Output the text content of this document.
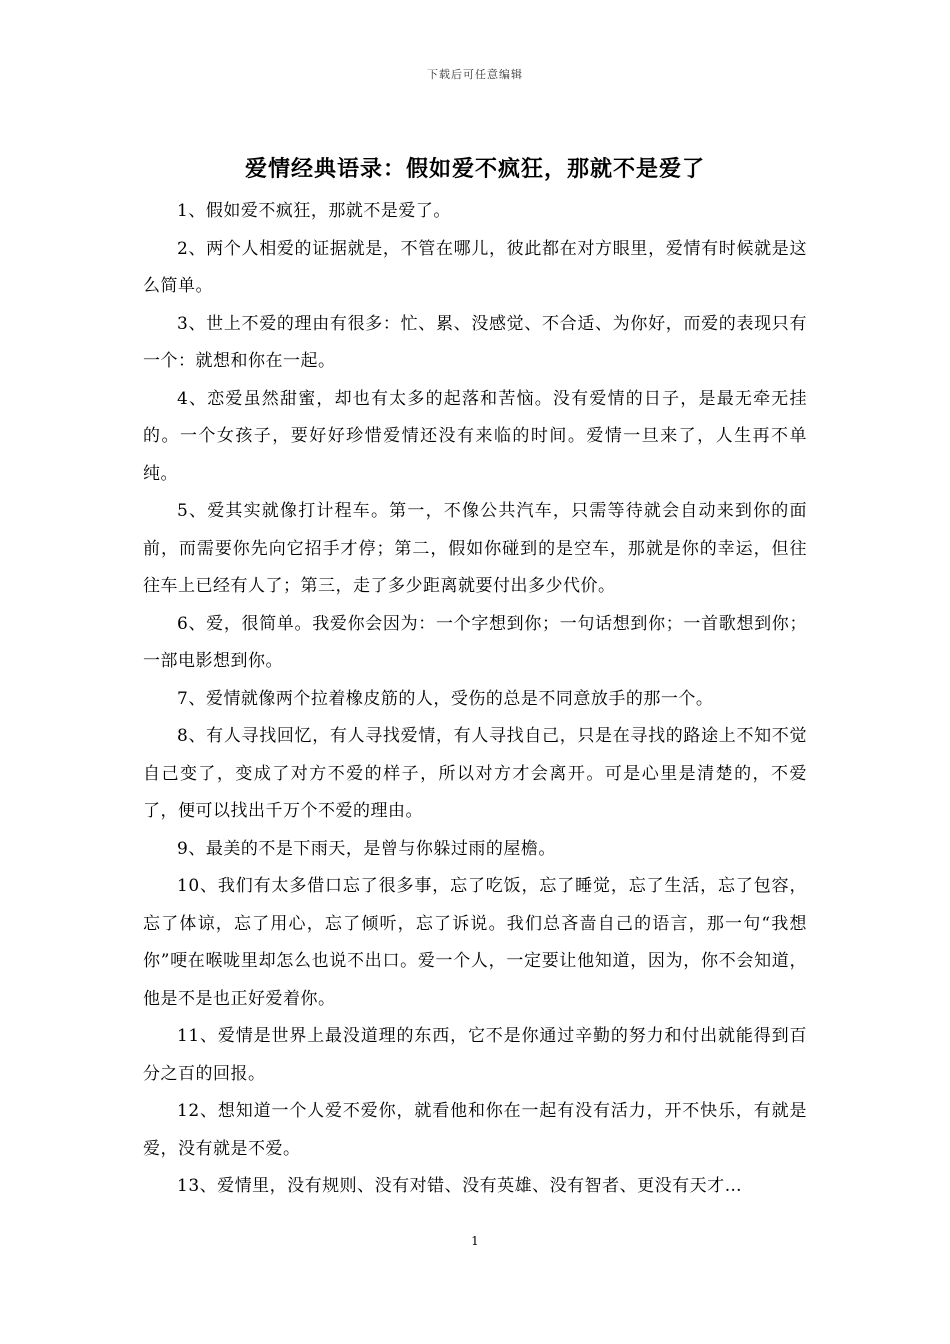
下载后可任意编辑
爱情经典语录：假如爱不疯狂，那就不是爱了

1、假如爱不疯狂，那就不是爱了。

2、两个人相爱的证据就是，不管在哪儿，彼此都在对方眼里，爱情有时候就是这么简单。

3、世上不爱的理由有很多：忙、累、没感觉、不合适、为你好，而爱的表现只有一个：就想和你在一起。

4、恋爱虽然甜蜜，却也有太多的起落和苦恼。没有爱情的日子，是最无牵无挂的。一个女孩子，要好好珍惜爱情还没有来临的时间。爱情一旦来了，人生再不单纯。

5、爱其实就像打计程车。第一，不像公共汽车，只需等待就会自动来到你的面前，而需要你先向它招手才停；第二，假如你碰到的是空车，那就是你的幸运，但往往车上已经有人了；第三，走了多少距离就要付出多少代价。

6、爱，很简单。我爱你会因为：一个字想到你；一句话想到你；一首歌想到你；一部电影想到你。

7、爱情就像两个拉着橡皮筋的人，受伤的总是不同意放手的那一个。

8、有人寻找回忆，有人寻找爱情，有人寻找自己，只是在寻找的路途上不知不觉自己变了，变成了对方不爱的样子，所以对方才会离开。可是心里是清楚的，不爱了，便可以找出千万个不爱的理由。

9、最美的不是下雨天，是曾与你躲过雨的屋檐。

10、我们有太多借口忘了很多事，忘了吃饭，忘了睡觉，忘了生活，忘了包容，忘了体谅，忘了用心，忘了倾听，忘了诉说。我们总吝啬自己的语言，那一句“我想你”哽在喉咙里却怎么也说不出口。爱一个人，一定要让他知道，因为，你不会知道，他是不是也正好爱着你。

11、爱情是世界上最没道理的东西，它不是你通过辛勤的努力和付出就能得到百分之百的回报。

12、想知道一个人爱不爱你，就看他和你在一起有没有活力，开不快乐，有就是爱，没有就是不爱。

13、爱情里，没有规则、没有对错、没有英雄、没有智者、更没有天才…

1
